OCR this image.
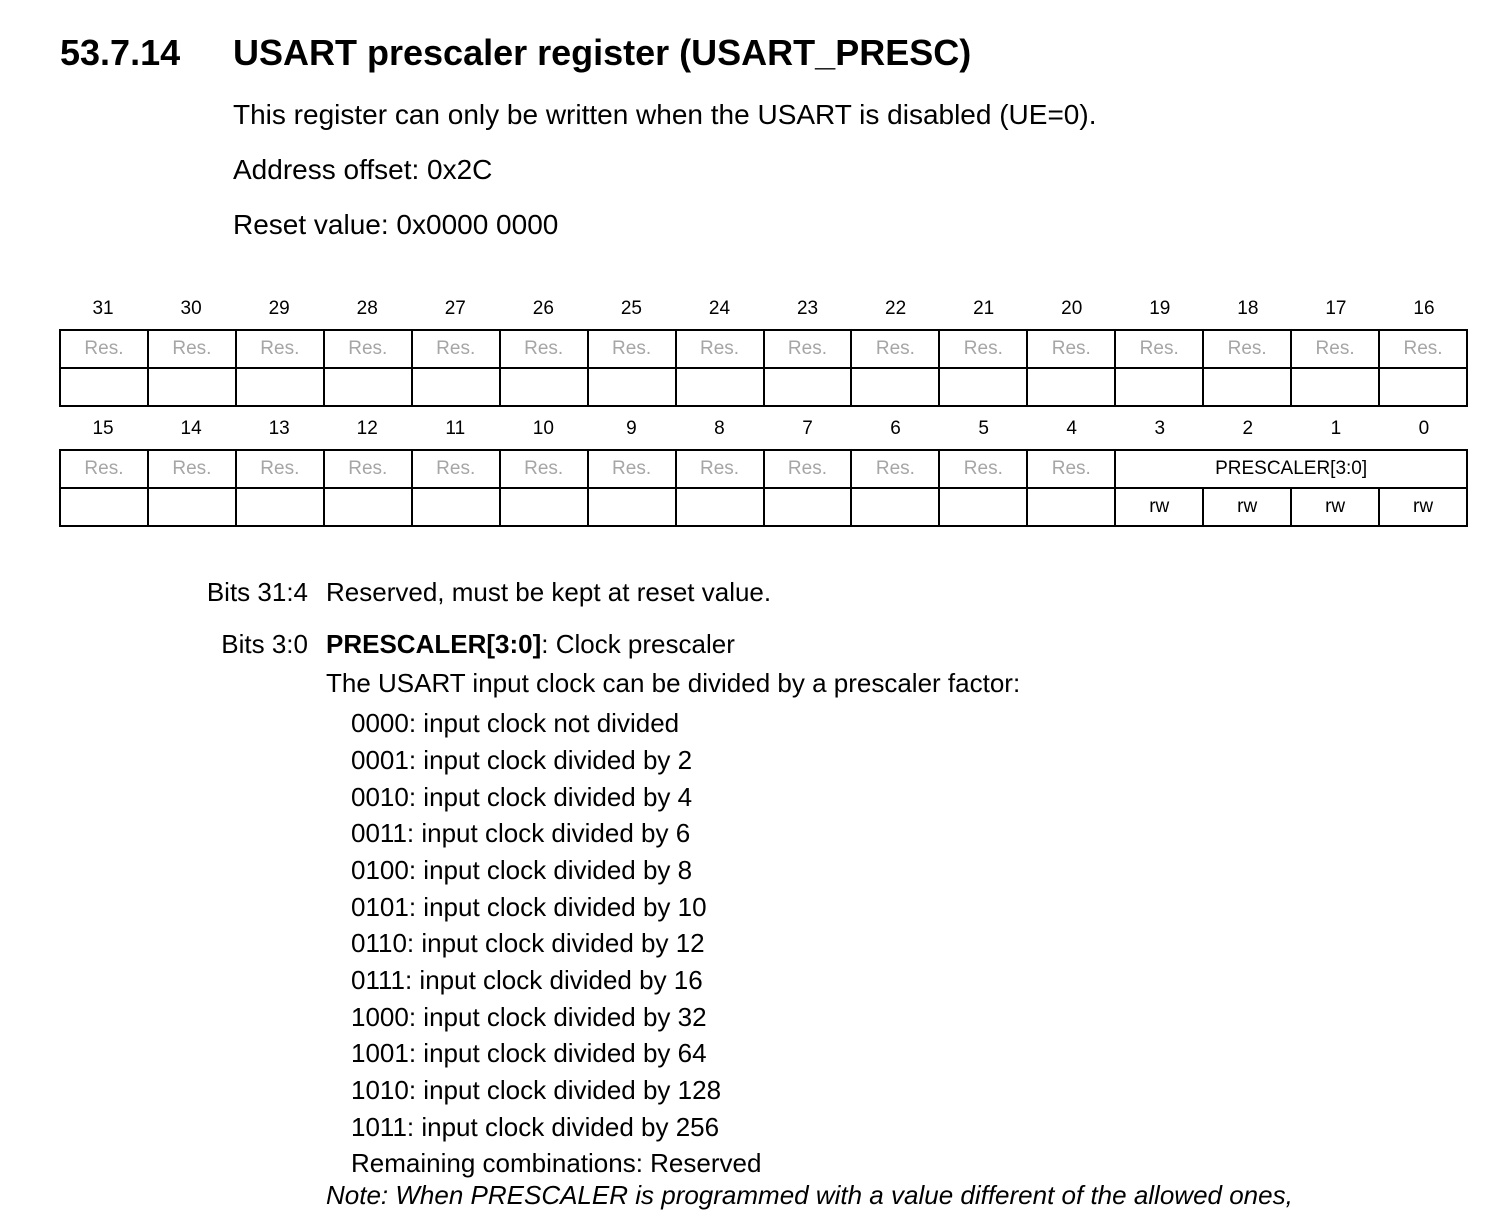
53.7.14 USART prescaler register (USART_PRESC)
This register can only be written when the USART is disabled (UE=0).
Address offset: 0x2C
Reset value: 0x0000 0000
31	30	29	28	27	26	25	24	23	22	21	20	19	18	17	16
Res.	Res.	Res.	Res.	Res.	Res.	Res.	Res.	Res.	Res.	Res.	Res.	Res.	Res.	Res.	Res.

15	14	13	12	11	10	9	8	7	6	5	4	3	2	1	0
Res.	Res.	Res.	Res.	Res.	Res.	Res.	Res.	Res.	Res.	Res.	Res.	PRESCALER[3:0]			
												rw	rw	rw	rw
Bits 31:4 Reserved, must be kept at reset value.
Bits 3:0 PRESCALER[3:0]: Clock prescaler
The USART input clock can be divided by a prescaler factor:
0000: input clock not divided
0001: input clock divided by 2
0010: input clock divided by 4
0011: input clock divided by 6
0100: input clock divided by 8
0101: input clock divided by 10
0110: input clock divided by 12
0111: input clock divided by 16
1000: input clock divided by 32
1001: input clock divided by 64
1010: input clock divided by 128
1011: input clock divided by 256
Remaining combinations: Reserved
Note: When PRESCALER is programmed with a value different of the allowed ones,
